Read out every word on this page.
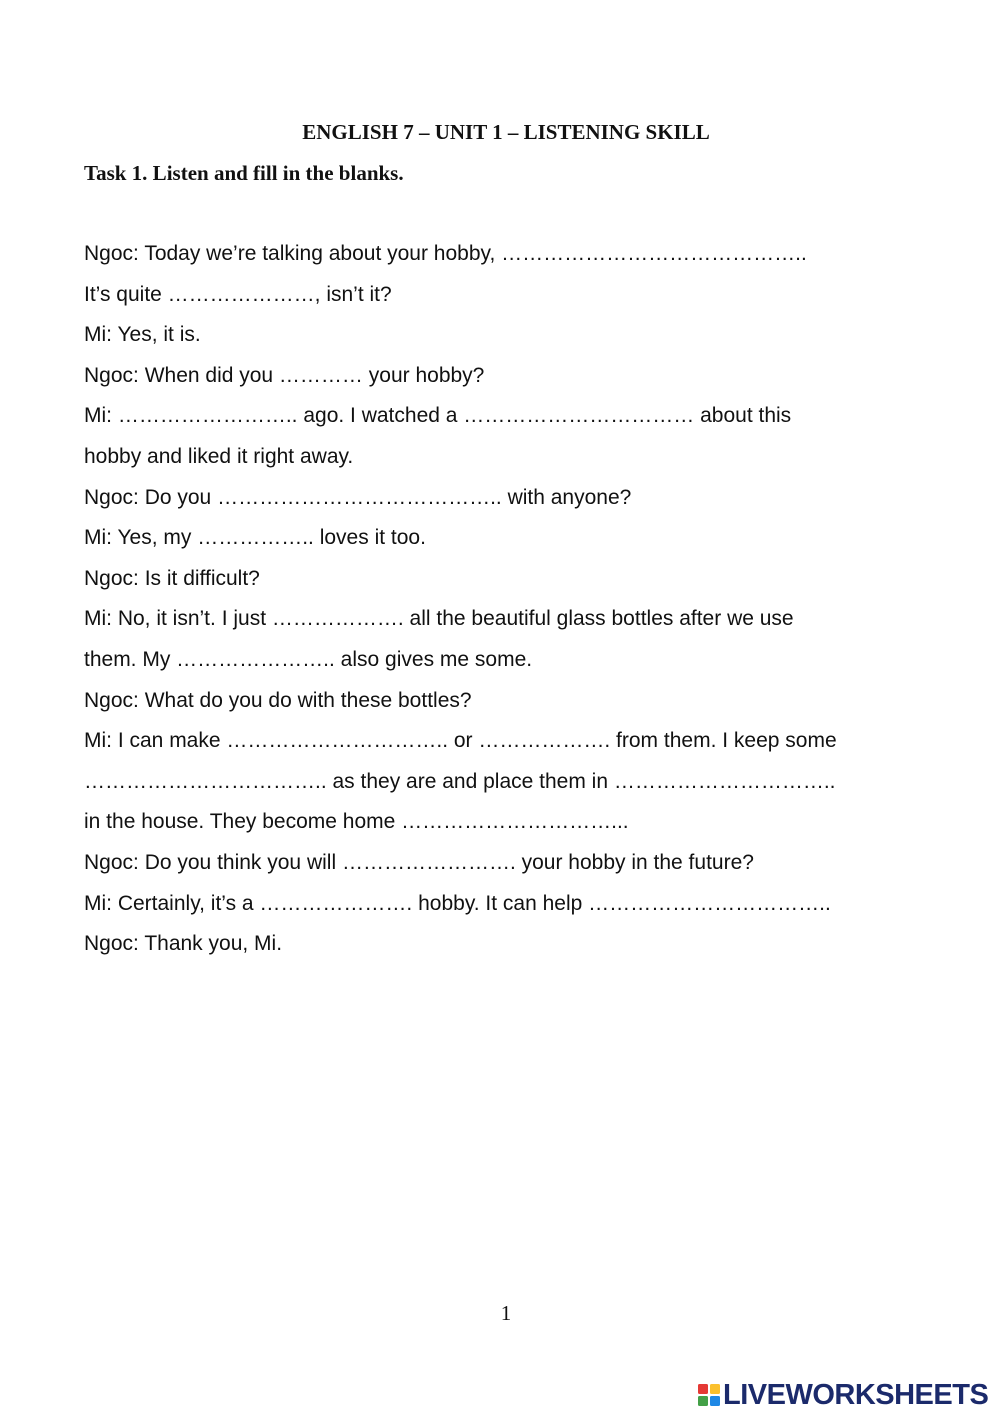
ENGLISH 7 – UNIT 1 – LISTENING SKILL
Task 1. Listen and fill in the blanks.
Ngoc: Today we’re talking about your hobby, ……………………………………..
It’s quite …………………, isn’t it?
Mi: Yes, it is.
Ngoc: When did you ………… your hobby?
Mi: …………………….. ago. I watched a …………………………… about this
hobby and liked it right away.
Ngoc: Do you ………………………………….. with anyone?
Mi: Yes, my …………….. loves it too.
Ngoc: Is it difficult?
Mi: No, it isn’t. I just ………………. all the beautiful glass bottles after we use
them. My ………………….. also gives me some.
Ngoc: What do you do with these bottles?
Mi: I can make ………………………….. or ………………. from them. I keep some
…………………………….. as they are and place them in …………………………..
in the house. They become home …………………………...
Ngoc: Do you think you will ……………………. your hobby in the future?
Mi: Certainly, it’s a …………………. hobby. It can help ……………………………..
Ngoc: Thank you, Mi.
1
LIVEWORKSHEETS
